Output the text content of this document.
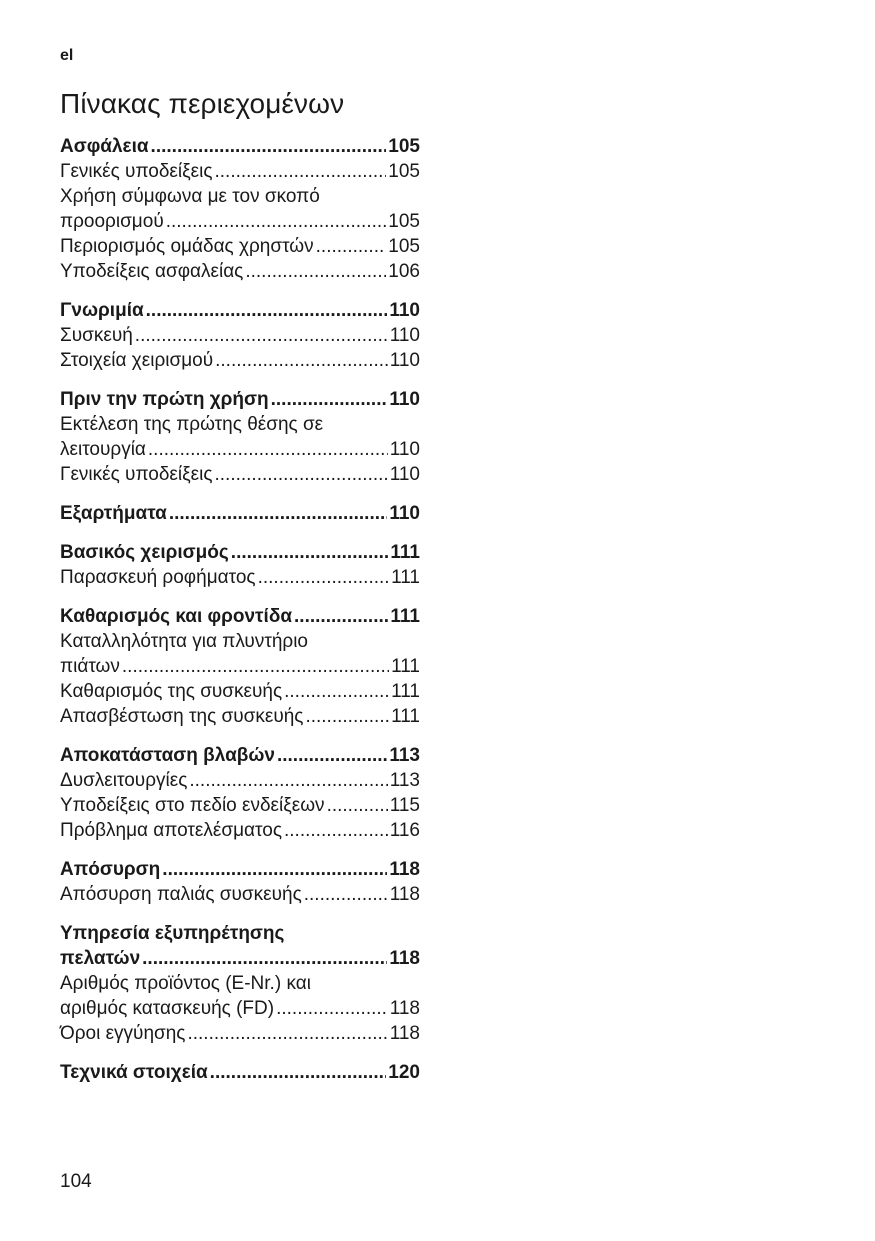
el
Πίνακας περιεχομένων
Ασφάλεια .....	105
Γενικές υποδείξεις .....	105
Χρήση σύμφωνα με τον σκοπό
προορισμού .....	105
Περιορισμός ομάδας χρηστών .....	105
Υποδείξεις ασφαλείας .....	106
Γνωριμία .....	110
Συσκευή .....	110
Στοιχεία χειρισμού .....	110
Πριν την πρώτη χρήση .....	110
Εκτέλεση της πρώτης θέσης σε
λειτουργία .....	110
Γενικές υποδείξεις .....	110
Εξαρτήματα .....	110
Βασικός χειρισμός .....	111
Παρασκευή ροφήματος .....	111
Καθαρισμός και φροντίδα .....	111
Καταλληλότητα για πλυντήριο
πιάτων .....	111
Καθαρισμός της συσκευής .....	111
Απασβέστωση της συσκευής .....	111
Αποκατάσταση βλαβών .....	113
Δυσλειτουργίες .....	113
Υποδείξεις στο πεδίο ενδείξεων .....	115
Πρόβλημα αποτελέσματος .....	116
Απόσυρση .....	118
Απόσυρση παλιάς συσκευής .....	118
Υπηρεσία εξυπηρέτησης
πελατών .....	118
Αριθμός προϊόντος (E-Nr.) και
αριθμός κατασκευής (FD) .....	118
Όροι εγγύησης .....	118
Τεχνικά στοιχεία .....	120
104
